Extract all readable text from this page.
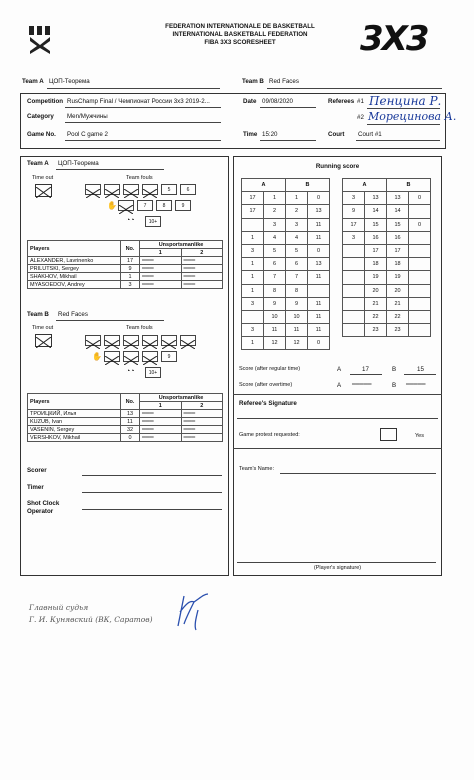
FEDERATION INTERNATIONALE DE BASKETBALL
INTERNATIONAL BASKETBALL FEDERATION
FIBA 3X3 SCORESHEET	3X3
Team A ЦОП-Теорема	Team B Red Faces
Competition RusChamp Final / Чемпионат России 3х3 2019-2...
Category Men/Мужчины
Game No. Pool C game 2
Date 09/08/2020
Time 15:20
Referees #1 Пенцина Р.
#2 Морецинова А.
Court Court #1
Team A ЦОП-Теорема
Time out	Team fouls
5	6
✋	7	8	9
◔◔	10+
Players	No.	Unsportsmanlike	
		1	2
ALEXANDER, Lavrinenko	17	═══	═══
PRILUTSKI, Sergey	9	═══	═══
SHAKHOV, Mikhail	1	═══	═══
MYASOEDOV, Andrey	3	═══	═══
Team B Red Faces
Time out	Team fouls
✋	9
◔◔	10+
Players	No.	Unsportsmanlike	
		1	2
ТРОИЦКИЙ, Илья	13	═══	═══
KUZUB, Ivan	11	═══	═══
VASENIN, Sergey	32	═══	═══
VERSHKOV, Mikhail	0	═══	═══
Scorer
Timer
Shot Clock
Operator
Running score
A		B	
17	1	1	0
17	2	2	13
	3	3	11
1	4	4	11
3	5	5	0
1	6	6	13
1	7	7	11
1	8	8	
3	9	9	11
	10	10	11
3	11	11	11
1	12	12	0
A		B	
3	13	13	0
9	14	14	
17	15	15	0
3	16	16	
	17	17	
	18	18	
	19	19	
	20	20	
	21	21	
	22	22	
	23	23	
Score (after regular time)	A	17	B	15
Score (after overtime)	A ═════	B ═════
Referee's Signature
Game protest requested:	Yes
Team's Name:
(Player's signature)
Главный судья
Г. И. Кунявский (ВК, Саратов)
